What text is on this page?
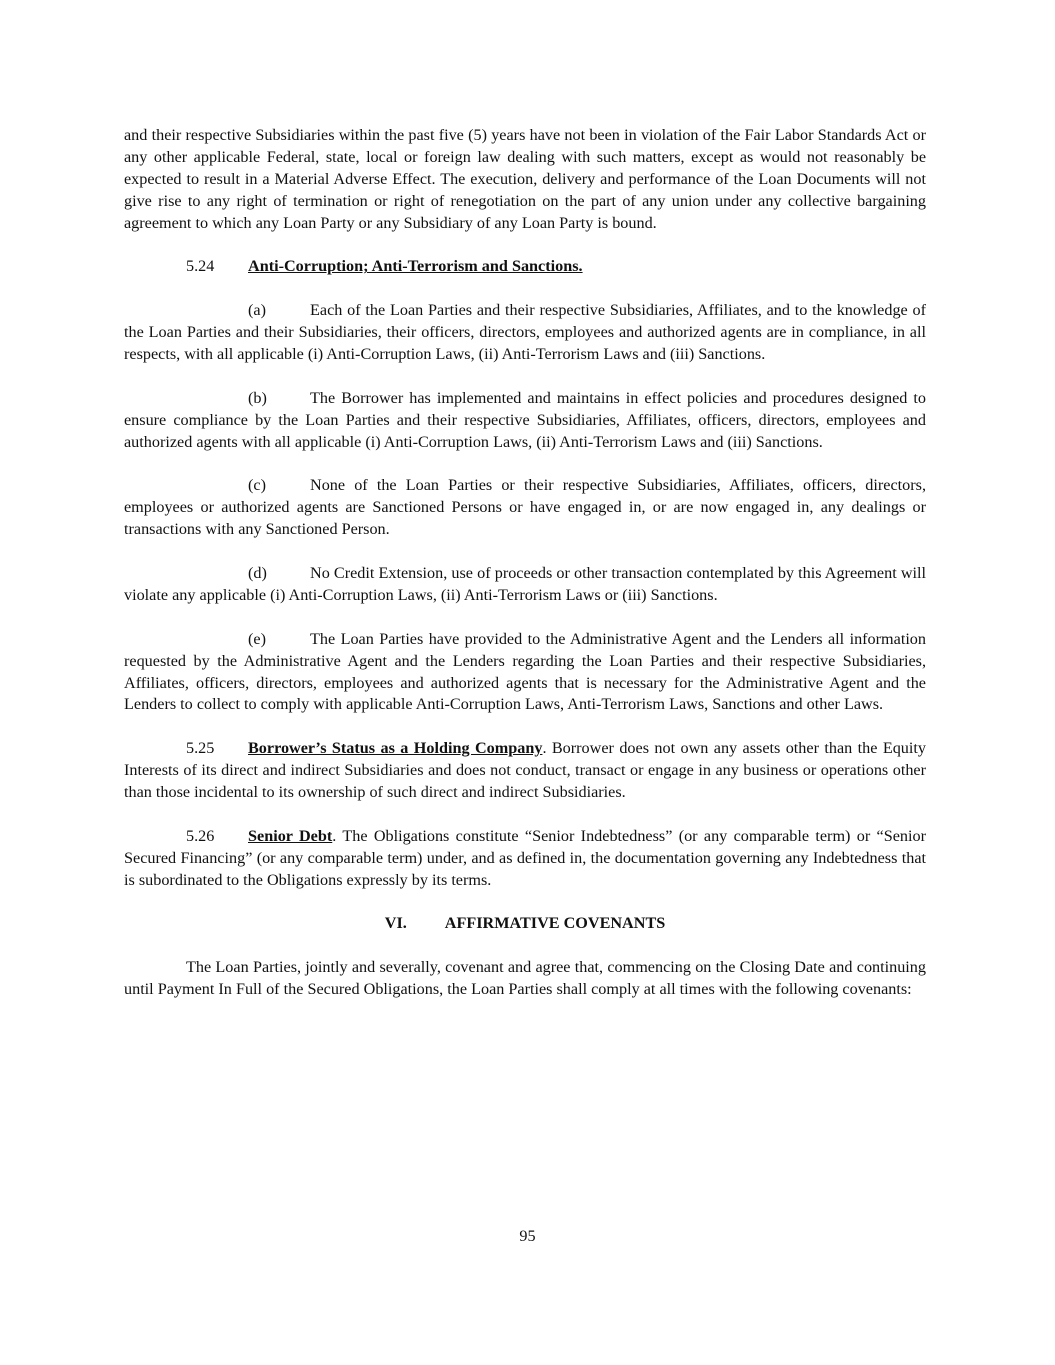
and their respective Subsidiaries within the past five (5) years have not been in violation of the Fair Labor Standards Act or any other applicable Federal, state, local or foreign law dealing with such matters, except as would not reasonably be expected to result in a Material Adverse Effect. The execution, delivery and performance of the Loan Documents will not give rise to any right of termination or right of renegotiation on the part of any union under any collective bargaining agreement to which any Loan Party or any Subsidiary of any Loan Party is bound.

5.24 Anti-Corruption; Anti-Terrorism and Sanctions.

(a)	Each of the Loan Parties and their respective Subsidiaries, Affiliates, and to the knowledge of the Loan Parties and their Subsidiaries, their officers, directors, employees and authorized agents are in compliance, in all respects, with all applicable (i) Anti-Corruption Laws, (ii) Anti-Terrorism Laws and (iii) Sanctions.

(b)	The Borrower has implemented and maintains in effect policies and procedures designed to ensure compliance by the Loan Parties and their respective Subsidiaries, Affiliates, officers, directors, employees and authorized agents with all applicable (i) Anti-Corruption Laws, (ii) Anti-Terrorism Laws and (iii) Sanctions.

(c)	None of the Loan Parties or their respective Subsidiaries, Affiliates, officers, directors, employees or authorized agents are Sanctioned Persons or have engaged in, or are now engaged in, any dealings or transactions with any Sanctioned Person.

(d)	No Credit Extension, use of proceeds or other transaction contemplated by this Agreement will violate any applicable (i) Anti-Corruption Laws, (ii) Anti-Terrorism Laws or (iii) Sanctions.

(e)	The Loan Parties have provided to the Administrative Agent and the Lenders all information requested by the Administrative Agent and the Lenders regarding the Loan Parties and their respective Subsidiaries, Affiliates, officers, directors, employees and authorized agents that is necessary for the Administrative Agent and the Lenders to collect to comply with applicable Anti-Corruption Laws, Anti-Terrorism Laws, Sanctions and other Laws.

5.25 Borrower’s Status as a Holding Company. Borrower does not own any assets other than the Equity Interests of its direct and indirect Subsidiaries and does not conduct, transact or engage in any business or operations other than those incidental to its ownership of such direct and indirect Subsidiaries.

5.26 Senior Debt. The Obligations constitute “Senior Indebtedness” (or any comparable term) or “Senior Secured Financing” (or any comparable term) under, and as defined in, the documentation governing any Indebtedness that is subordinated to the Obligations expressly by its terms.

VI. AFFIRMATIVE COVENANTS

The Loan Parties, jointly and severally, covenant and agree that, commencing on the Closing Date and continuing until Payment In Full of the Secured Obligations, the Loan Parties shall comply at all times with the following covenants:

95
